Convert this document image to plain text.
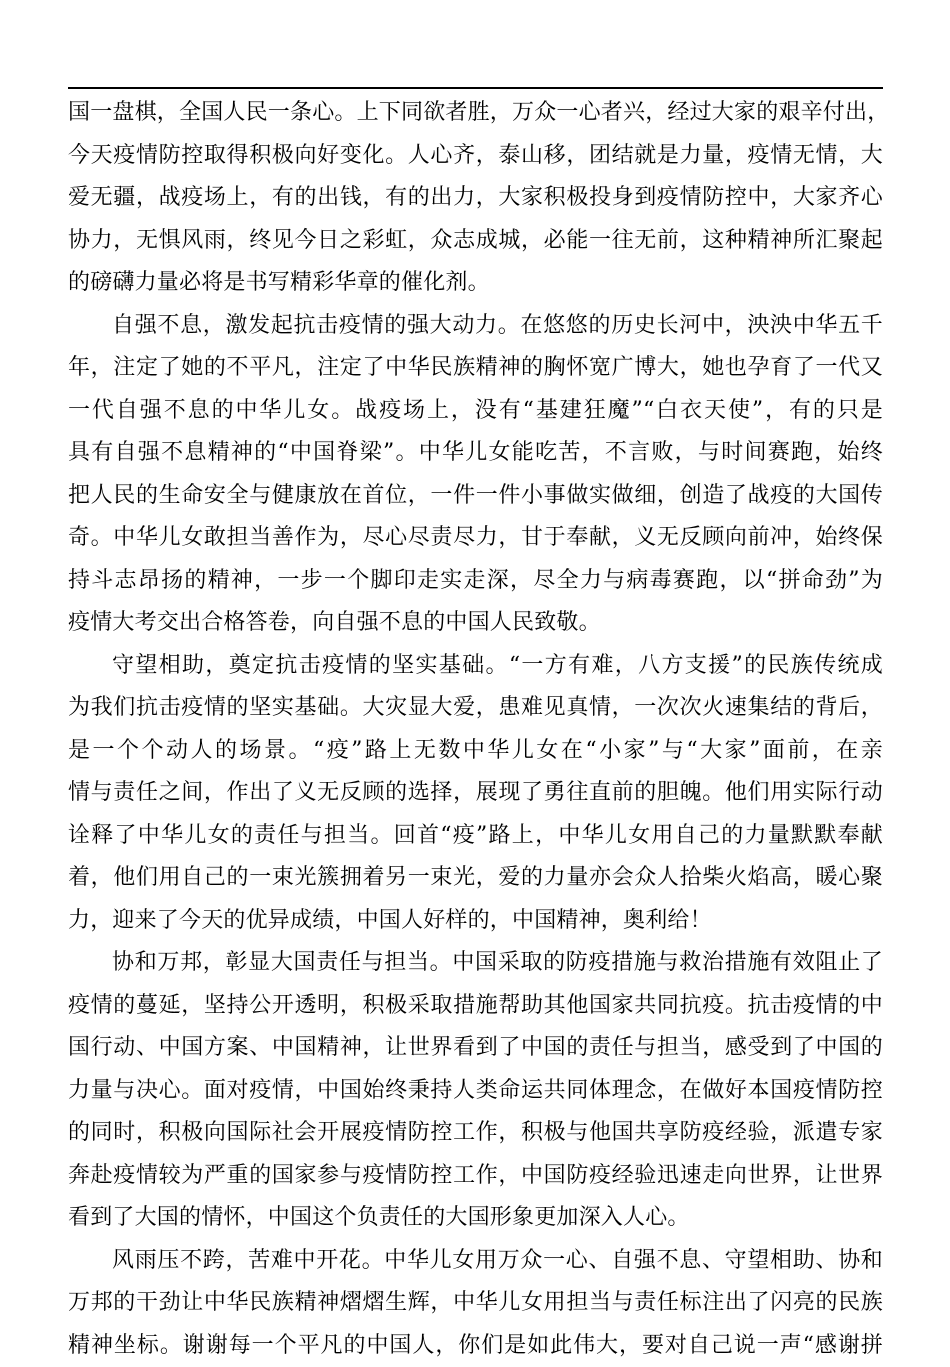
国一盘棋，全国人民一条心。上下同欲者胜，万众一心者兴，经过大家的艰辛付出，
今天疫情防控取得积极向好变化。人心齐，泰山移，团结就是力量，疫情无情，大
爱无疆，战疫场上，有的出钱，有的出力，大家积极投身到疫情防控中，大家齐心
协力，无惧风雨，终见今日之彩虹，众志成城，必能一往无前，这种精神所汇聚起
的磅礴力量必将是书写精彩华章的催化剂。
自强不息，激发起抗击疫情的强大动力。在悠悠的历史长河中，泱泱中华五千
年，注定了她的不平凡，注定了中华民族精神的胸怀宽广博大，她也孕育了一代又
一代自强不息的中华儿女。战疫场上，没有“基建狂魔”“白衣天使”，有的只是
具有自强不息精神的“中国脊梁”。中华儿女能吃苦，不言败，与时间赛跑，始终
把人民的生命安全与健康放在首位，一件一件小事做实做细，创造了战疫的大国传
奇。中华儿女敢担当善作为，尽心尽责尽力，甘于奉献，义无反顾向前冲，始终保
持斗志昂扬的精神，一步一个脚印走实走深，尽全力与病毒赛跑，以“拼命劲”为
疫情大考交出合格答卷，向自强不息的中国人民致敬。
守望相助，奠定抗击疫情的坚实基础。“一方有难，八方支援”的民族传统成
为我们抗击疫情的坚实基础。大灾显大爱，患难见真情，一次次火速集结的背后，
是一个个动人的场景。“疫”路上无数中华儿女在“小家”与“大家”面前，在亲
情与责任之间，作出了义无反顾的选择，展现了勇往直前的胆魄。他们用实际行动
诠释了中华儿女的责任与担当。回首“疫”路上，中华儿女用自己的力量默默奉献
着，他们用自己的一束光簇拥着另一束光，爱的力量亦会众人拾柴火焰高，暖心聚
力，迎来了今天的优异成绩，中国人好样的，中国精神，奥利给！
协和万邦，彰显大国责任与担当。中国采取的防疫措施与救治措施有效阻止了
疫情的蔓延，坚持公开透明，积极采取措施帮助其他国家共同抗疫。抗击疫情的中
国行动、中国方案、中国精神，让世界看到了中国的责任与担当，感受到了中国的
力量与决心。面对疫情，中国始终秉持人类命运共同体理念，在做好本国疫情防控
的同时，积极向国际社会开展疫情防控工作，积极与他国共享防疫经验，派遣专家
奔赴疫情较为严重的国家参与疫情防控工作，中国防疫经验迅速走向世界，让世界
看到了大国的情怀，中国这个负责任的大国形象更加深入人心。
风雨压不跨，苦难中开花。中华儿女用万众一心、自强不息、守望相助、协和
万邦的干劲让中华民族精神熠熠生辉，中华儿女用担当与责任标注出了闪亮的民族
精神坐标。谢谢每一个平凡的中国人，你们是如此伟大，要对自己说一声“感谢拼
